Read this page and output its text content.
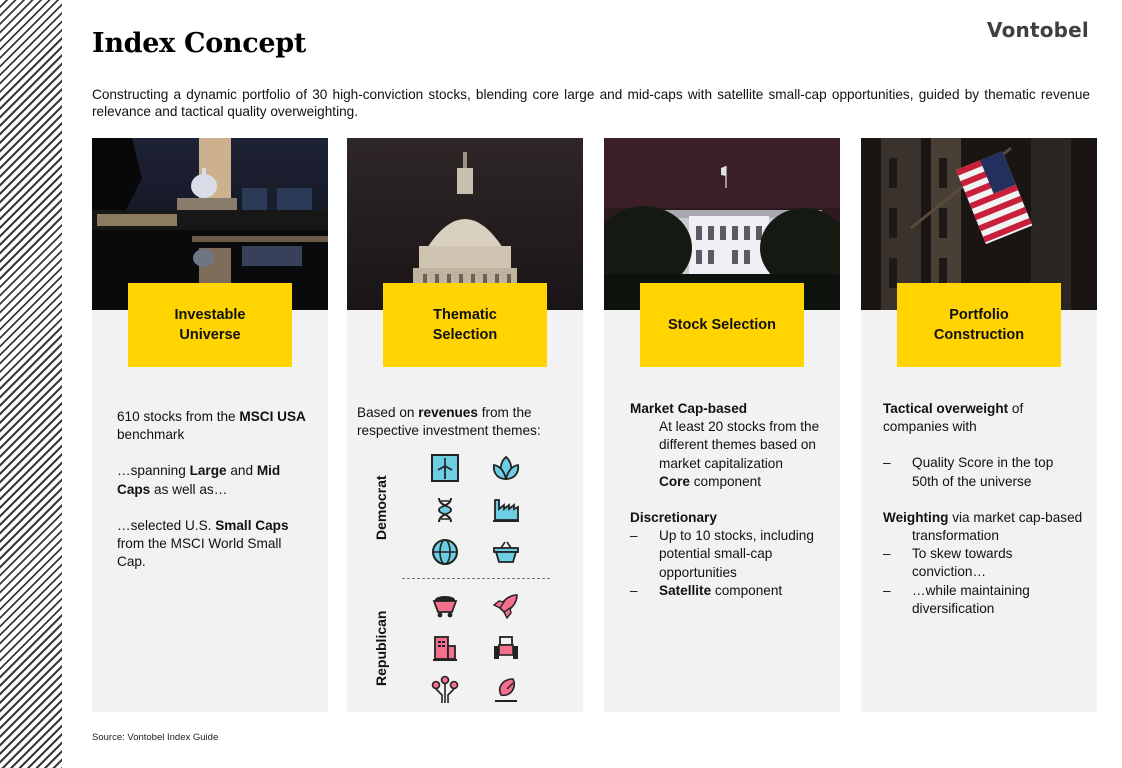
Index Concept	Vontobel

Constructing a dynamic portfolio of 30 high-conviction stocks, blending core large and mid-caps with satellite small-cap opportunities, guided by thematic revenue relevance and tactical quality overweighting.

Investable
Universe
610 stocks from the MSCI USA benchmark
…spanning Large and Mid Caps as well as…
…selected U.S. Small Caps from the MSCI World Small Cap.
Thematic
Selection
Based on revenues from the respective investment themes:
Democrat
Republican
Stock Selection
Market Cap-based
At least 20 stocks from the different themes based on market capitalization
Core component
Discretionary
– Up to 10 stocks, including potential small-cap opportunities
– Satellite component
Portfolio
Construction
Tactical overweight of companies with
– Quality Score in the top 50th of the universe
Weighting via market cap-based transformation
– To skew towards conviction…
– …while maintaining diversification
Source: Vontobel Index Guide
